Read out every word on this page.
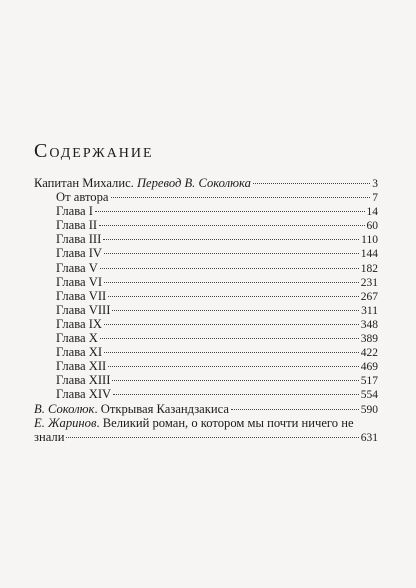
Содержание
Капитан Михалис. Перевод В. Соколюка	3
От автора	7
Глава I	14
Глава II	60
Глава III	110
Глава IV	144
Глава V	182
Глава VI	231
Глава VII	267
Глава VIII	311
Глава IX	348
Глава X	389
Глава XI	422
Глава XII	469
Глава XIII	517
Глава XIV	554
В. Соколюк. Открывая Казандзакиса	590
Е. Жаринов. Великий роман, о котором мы почти ничего не
знали	631
